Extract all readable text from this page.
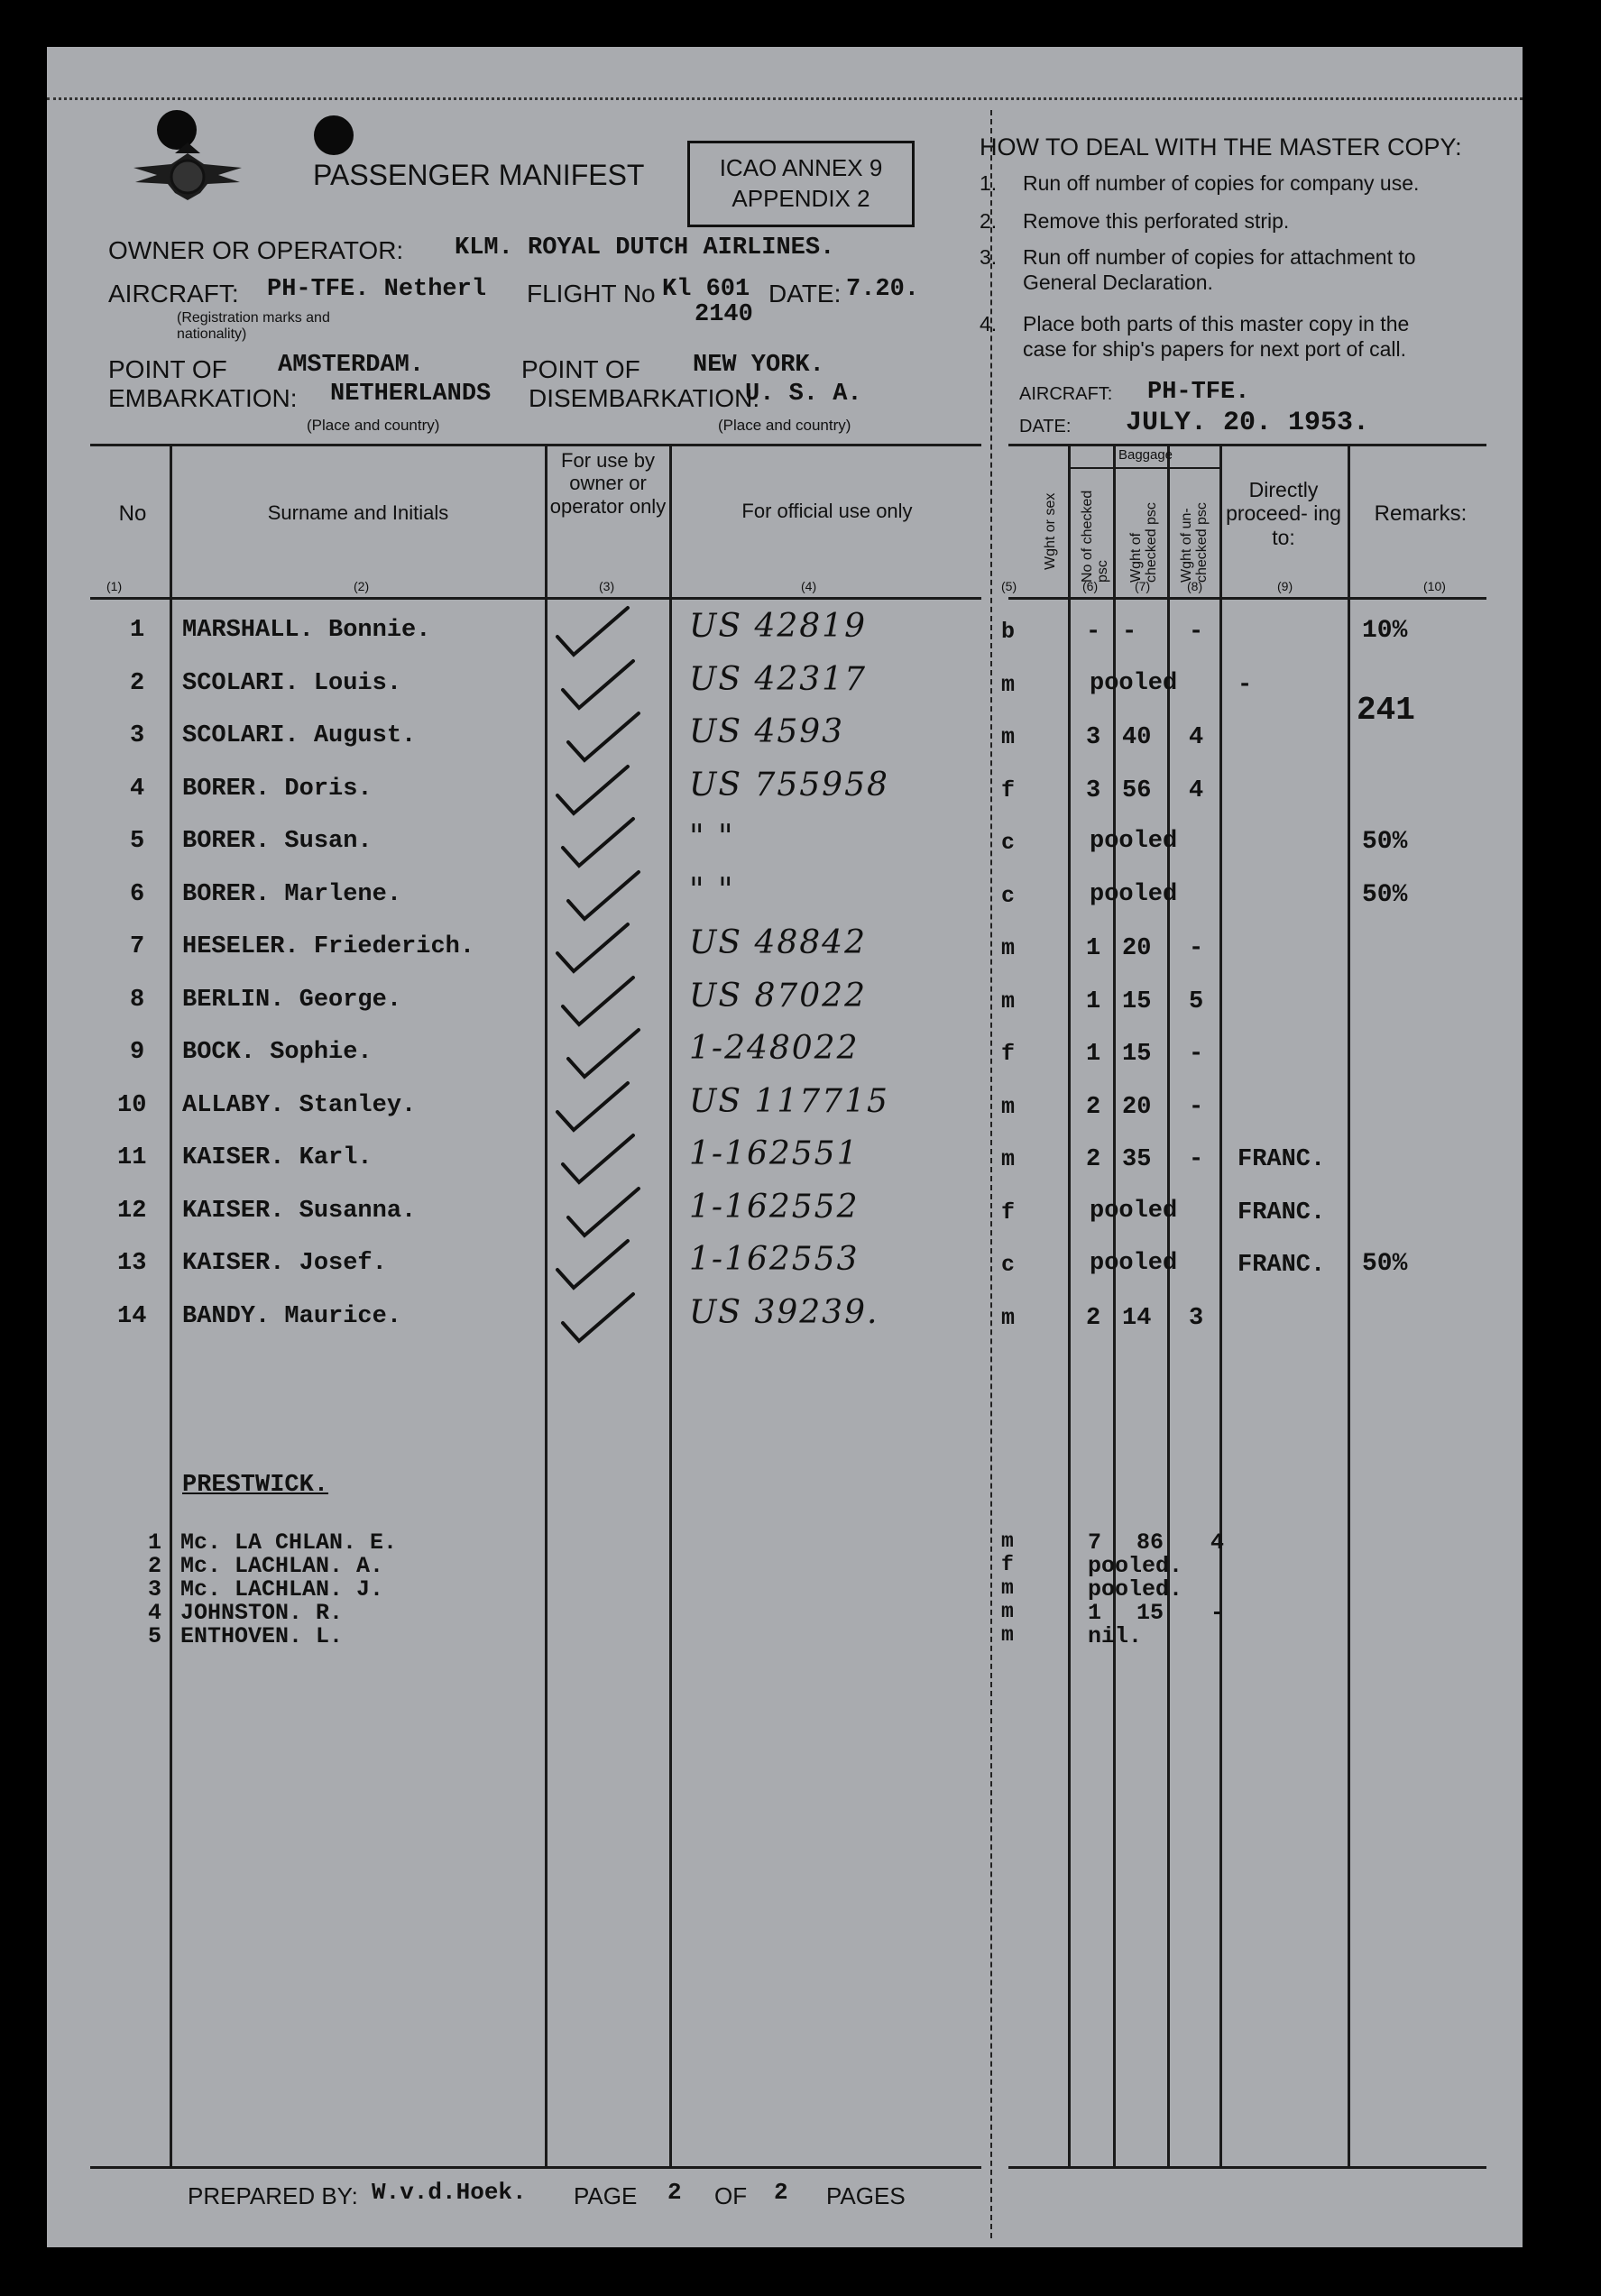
PASSENGER MANIFEST	ICAO ANNEX 9
APPENDIX 2
OWNER OR OPERATOR: KLM. ROYAL DUTCH AIRLINES.
AIRCRAFT: PH-TFE. Netherl FLIGHT No Kl 601 DATE: 7.20.
2140
(Registration marks and nationality)
POINT OF
EMBARKATION:
AMSTERDAM.
NETHERLANDS
POINT OF
DISEMBARKATION:
NEW YORK.
U. S. A.
(Place and country)	(Place and country)
HOW TO DEAL WITH THE MASTER COPY:
1. Run off number of copies for company use.
2. Remove this perforated strip.
3. Run off number of copies for attachment to
General Declaration.
4. Place both parts of this master copy in the
case for ship's papers for next port of call.
AIRCRAFT: PH-TFE.
DATE: JULY. 20. 1953.
No	Surname and Initials
For use by owner or operator only	For official use only	Wght or sex
Baggage
No of checked psc Wght of checked psc Wght of un- checked psc
Directly proceed- ing to:
Remarks:
(1)	(2)	(3)	(4)	(5)	(6)	(7)	(8)	(9)	(10)
1 MARSHALL. Bonnie.	US 42819	b	- - -	10%
2 SCOLARI. Louis.	US 42317	m	pooled -
241
3 SCOLARI. August.	US 4593	m	3 40 4
4 BORER. Doris.	US 755958	f	3 56 4
5 BORER. Susan.	" "	c	pooled	50%
6 BORER. Marlene.	" "	c	pooled	50%
7 HESELER. Friederich.	US 48842	m	1 20 -
8 BERLIN. George.	US 87022	m	1 15 5
9 BOCK. Sophie.	1-248022	f	1 15 -
10 ALLABY. Stanley.	US 117715	m	2 20 -
11 KAISER. Karl.	1-162551	m	2 35 - FRANC.
12 KAISER. Susanna.	1-162552	f	pooled FRANC.
13 KAISER. Josef.	1-162553	c	pooled FRANC. 50%
14 BANDY. Maurice.	US 39239.	m	2 14 3
PRESTWICK.
1 Mc. LA CHLAN. E.	m	7 86 4
2 Mc. LACHLAN. A.	f	pooled.
3 Mc. LACHLAN. J.	m	pooled.
4 JOHNSTON. R.	m	1 15 -
5 ENTHOVEN. L.	m	nil.
PREPARED BY: W.v.d.Hoek. PAGE 2 OF 2 PAGES
